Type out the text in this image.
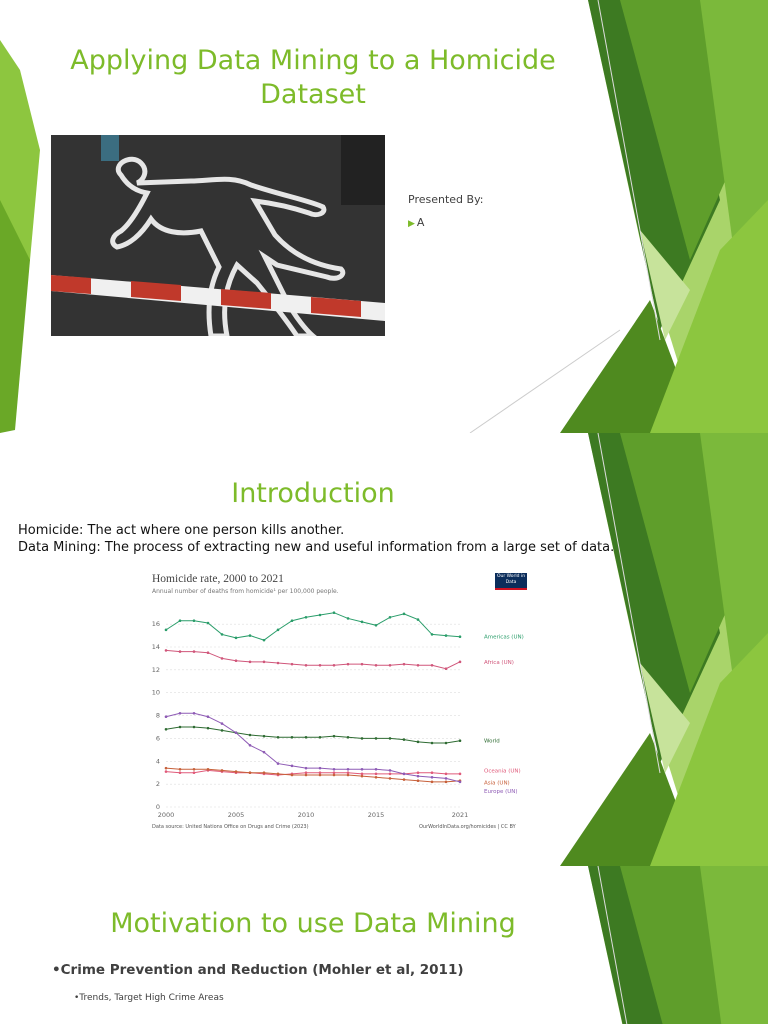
Applying Data Mining to a Homicide
Dataset
Presented By:
▶ A
Introduction
Homicide: The act where one person kills another.
Data Mining: The process of extracting new and useful information from a large set of data.
0
2
4
6
8
10
12
14
16
2000	2005	2010	2015	2021
Americas (UN)
Africa (UN)
World
Oceania (UN)
Asia (UN)
Europe (UN)
Homicide rate, 2000 to 2021
Annual number of deaths from homicide¹ per 100,000 people.
Our World in Data
Data source: United Nations Office on Drugs and Crime (2023)	OurWorldInData.org/homicides | CC BY
Motivation to use Data Mining
•Crime Prevention and Reduction (Mohler et al, 2011)
•Trends, Target High Crime Areas
